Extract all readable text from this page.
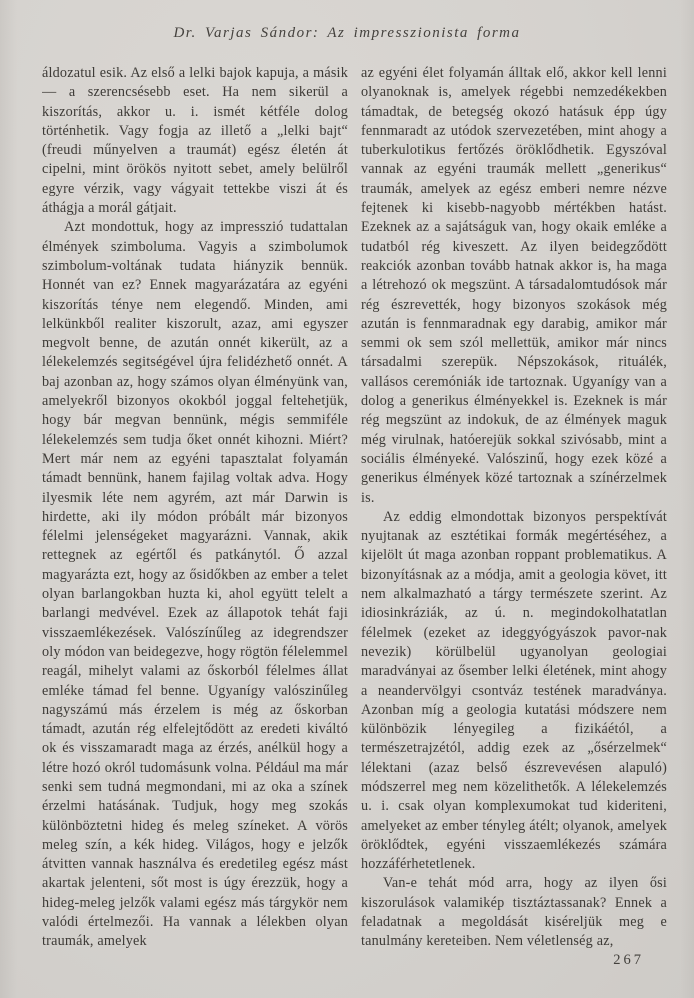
Dr. Varjas Sándor: Az impresszionista forma

áldozatul esik. Az első a lelki bajok kapuja, a másik — a szerencsésebb eset. Ha nem sikerül a kiszorítás, akkor u. i. ismét kétféle dolog történhetik. Vagy fogja az illető a „lelki bajt“ (freudi műnyelven a traumát) egész életén át cipelni, mint örökös nyitott sebet, amely belülről egyre vérzik, vagy vágyait tettekbe viszi át és áthágja a morál gátjait.

Azt mondottuk, hogy az impresszió tudattalan élmények szimboluma. Vagyis a szimbolumok szimbolum-voltának tudata hiányzik bennük. Honnét van ez? Ennek magyarázatára az egyéni kiszorítás ténye nem elegendő. Minden, ami lelkünkből realiter kiszorult, azaz, ami egyszer megvolt benne, de azután onnét kikerült, az a lélekelemzés segitségével újra felidézhető onnét. A baj azonban az, hogy számos olyan élményünk van, amelyekről bizonyos okokból joggal feltehetjük, hogy bár megvan bennünk, mégis semmiféle lélekelemzés sem tudja őket onnét kihozni. Miért? Mert már nem az egyéni tapasztalat folyamán támadt bennünk, hanem fajilag voltak adva. Hogy ilyesmik léte nem agyrém, azt már Darwin is hirdette, aki ily módon próbált már bizonyos félelmi jelenségeket magyarázni. Vannak, akik rettegnek az egértől és patkánytól. Ő azzal magyarázta ezt, hogy az ősidőkben az ember a telet olyan barlangokban huzta ki, ahol együtt telelt a barlangi medvével. Ezek az állapotok tehát faji visszaemlékezések. Valószínűleg az idegrendszer oly módon van beidegezve, hogy rögtön félelemmel reagál, mihelyt valami az őskorból félelmes állat emléke támad fel benne. Ugyanígy valószinűleg nagyszámú más érzelem is még az őskorban támadt, azután rég elfelejtődött az eredeti kiváltó ok és visszamaradt maga az érzés, anélkül hogy a létre hozó okról tudomásunk volna. Például ma már senki sem tudná megmondani, mi az oka a színek érzelmi hatásának. Tudjuk, hogy meg szokás különböztetni hideg és meleg színeket. A vörös meleg szín, a kék hideg. Világos, hogy e jelzők átvitten vannak használva és eredetileg egész mást akartak jelenteni, sőt most is úgy érezzük, hogy a hideg-meleg jelzők valami egész más tárgykör nem valódi értelmezői. Ha vannak a lélekben olyan traumák, amelyek

az egyéni élet folyamán álltak elő, akkor kell lenni olyanoknak is, amelyek régebbi nemzedékekben támadtak, de betegség okozó hatásuk épp úgy fennmaradt az utódok szervezetében, mint ahogy a tuberkulotikus fertőzés öröklődhetik. Egyszóval vannak az egyéni traumák mellett „generikus“ traumák, amelyek az egész emberi nemre nézve fejtenek ki kisebb-nagyobb mértékben hatást. Ezeknek az a sajátságuk van, hogy okaik emléke a tudatból rég kiveszett. Az ilyen beidegződött reakciók azonban tovább hatnak akkor is, ha maga a létrehozó ok megszünt. A társadalomtudósok már rég észrevették, hogy bizonyos szokások még azután is fennmaradnak egy darabig, amikor már semmi ok sem szól mellettük, amikor már nincs társadalmi szerepük. Népszokások, rituálék, vallásos ceremóniák ide tartoznak. Ugyanígy van a dolog a generikus élményekkel is. Ezeknek is már rég megszünt az indokuk, de az élmények maguk még virulnak, hatóerejük sokkal szivósabb, mint a sociális élményeké. Valószinű, hogy ezek közé a generikus élmények közé tartoznak a színérzelmek is.

Az eddig elmondottak bizonyos perspektívát nyujtanak az esztétikai formák megértéséhez, a kijelölt út maga azonban roppant problematikus. A bizonyításnak az a módja, amit a geologia követ, itt nem alkalmazható a tárgy természete szerint. Az idiosinkráziák, az ú. n. megindokolhatatlan félelmek (ezeket az ideggyógyászok pavor-nak nevezik) körülbelül ugyanolyan geologiai maradványai az ősember lelki életének, mint ahogy a neandervölgyi csontváz testének maradványa. Azonban míg a geologia kutatási módszere nem különbözik lényegileg a fizikáétól, a természetrajzétól, addig ezek az „ősérzelmek“ lélektani (azaz belső észrevevésen alapuló) módszerrel meg nem közelithetők. A lélekelemzés u. i. csak olyan komplexumokat tud kideriteni, amelyeket az ember tényleg átélt; olyanok, amelyek öröklődtek, egyéni visszaemlékezés számára hozzáférhetetlenek.

Van-e tehát mód arra, hogy az ilyen ősi kiszorulások valamikép tisztáztassanak? Ennek a feladatnak a megoldását kiséreljük meg e tanulmány kereteiben. Nem véletlenség az,

267
